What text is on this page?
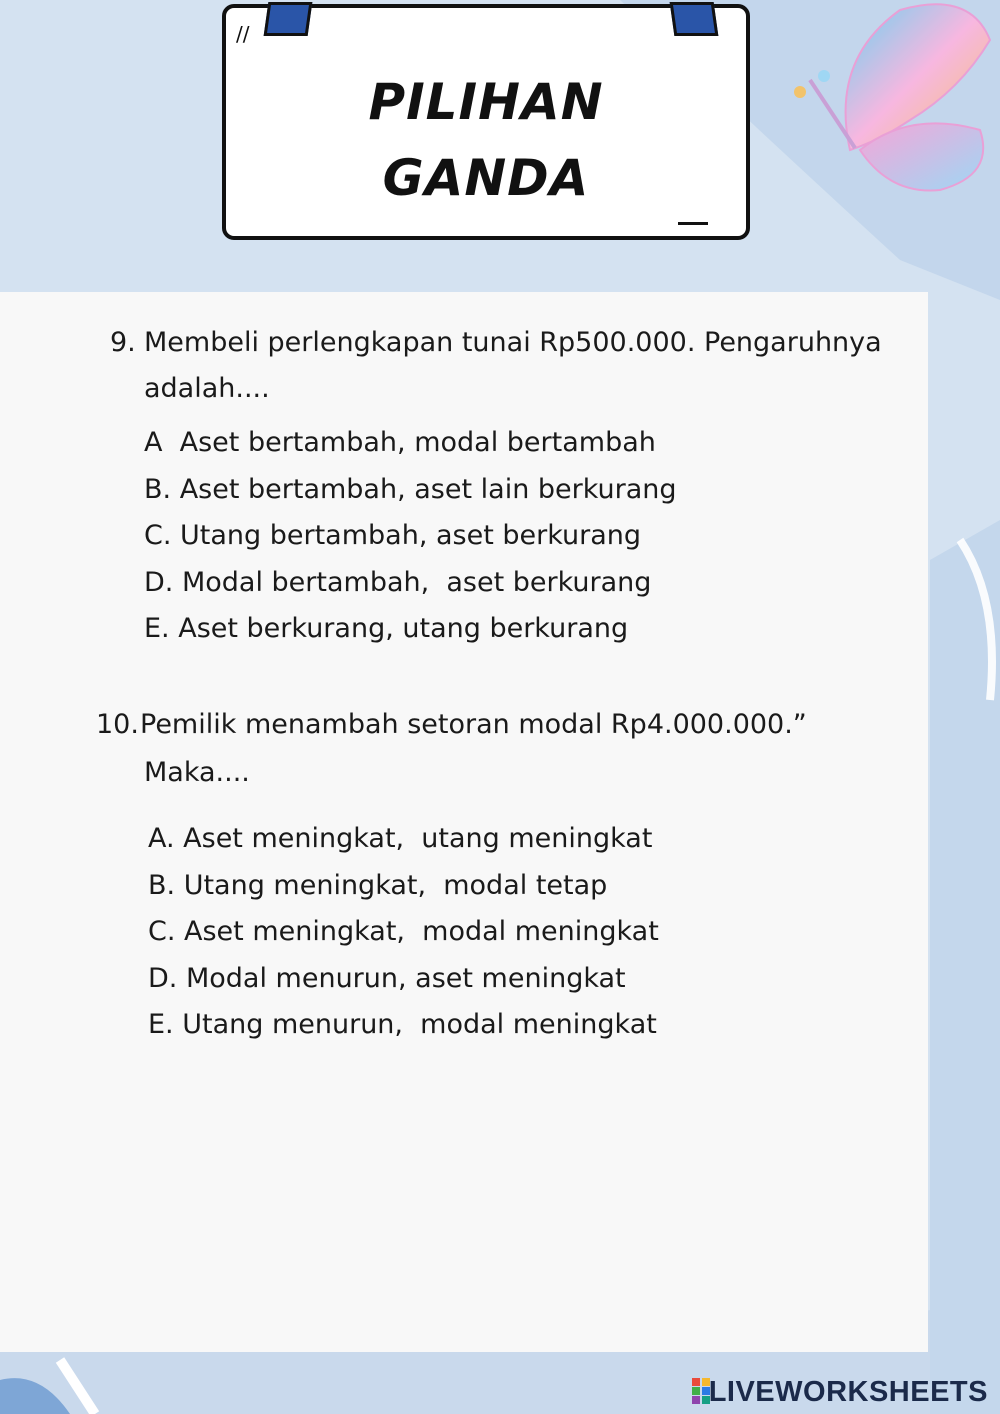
//
PILIHAN
GANDA
9. Membeli perlengkapan tunai Rp500.000. Pengaruhnya
adalah....
A  Aset bertambah, modal bertambah
B. Aset bertambah, aset lain berkurang
C. Utang bertambah, aset berkurang
D. Modal bertambah,  aset berkurang
E. Aset berkurang, utang berkurang
10. Pemilik menambah setoran modal Rp4.000.000.”
Maka....
A. Aset meningkat,  utang meningkat
B. Utang meningkat,  modal tetap
C. Aset meningkat,  modal meningkat
D. Modal menurun, aset meningkat
E. Utang menurun,  modal meningkat
LIVEWORKSHEETS
